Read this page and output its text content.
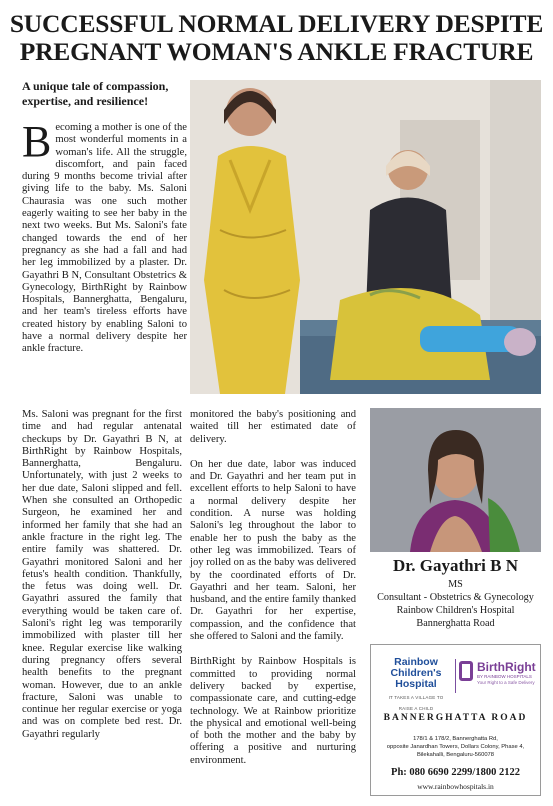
SUCCESSFUL NORMAL DELIVERY DESPITE
PREGNANT WOMAN'S ANKLE FRACTURE

A unique tale of compassion, expertise, and resilience!

Becoming a mother is one of the most wonderful moments in a woman's life. All the struggle, discomfort, and pain faced during 9 months become trivial after giving life to the baby. Ms. Saloni Chaurasia was one such mother eagerly waiting to see her baby in the next two weeks. But Ms. Saloni's fate changed towards the end of her pregnancy as she had a fall and had her leg immobilized by a plaster. Dr. Gayathri B N, Consultant Obstetrics & Gynecology, BirthRight by Rainbow Hospitals, Bannerghatta, Bengaluru, and her team's tireless efforts have created history by enabling Saloni to have a normal delivery despite her ankle fracture.

Ms. Saloni was pregnant for the first time and had regular antenatal checkups by Dr. Gayathri B N, at BirthRight by Rainbow Hospitals, Bannerghatta, Bengaluru. Unfortunately, with just 2 weeks to her due date, Saloni slipped and fell. When she consulted an Orthopedic Surgeon, he examined her and informed her family that she had an ankle fracture in the right leg. The entire family was shattered. Dr. Gayathri monitored Saloni and her fetus's health condition. Thankfully, the fetus was doing well. Dr. Gayathri assured the family that everything would be taken care of. Saloni's right leg was temporarily immobilized with plaster till her knee. Regular exercise like walking during pregnancy offers several health benefits to the pregnant woman. However, due to an ankle fracture, Saloni was unable to continue her regular exercise or yoga and was on complete bed rest. Dr. Gayathri regularly

monitored the baby's positioning and waited till her estimated date of delivery.

On her due date, labor was induced and Dr. Gayathri and her team put in excellent efforts to help Saloni to have a normal delivery despite her condition. A nurse was holding Saloni's leg throughout the labor to enable her to push the baby as the other leg was immobilized. Tears of joy rolled on as the baby was delivered by the coordinated efforts of Dr. Gayathri and her team. Saloni, her husband, and the entire family thanked Dr. Gayathri for her expertise, compassion, and the confidence that she offered to Saloni and the family.

BirthRight by Rainbow Hospitals is committed to providing normal delivery backed by expertise, compassionate care, and cutting-edge technology. We at Rainbow prioritize the physical and emotional well-being of both the mother and the baby by offering a positive and nurturing environment.

Dr. Gayathri B N

MS

Consultant - Obstetrics & Gynecology

Rainbow Children's Hospital

Bannerghatta Road

Rainbow
Children's
Hospital
IT TAKES A VILLAGE TO RAISE A CHILD
BirthRight
BY RAINBOW HOSPITALS
Your Right to a Safe Delivery
BANNERGHATTA ROAD
178/1 & 178/2, Bannerghatta Rd,
opposite Janardhan Towers, Dollars Colony, Phase 4,
Bilekahalli, Bengaluru-560078
Ph: 080 6690 2299/1800 2122
www.rainbowhospitals.in
